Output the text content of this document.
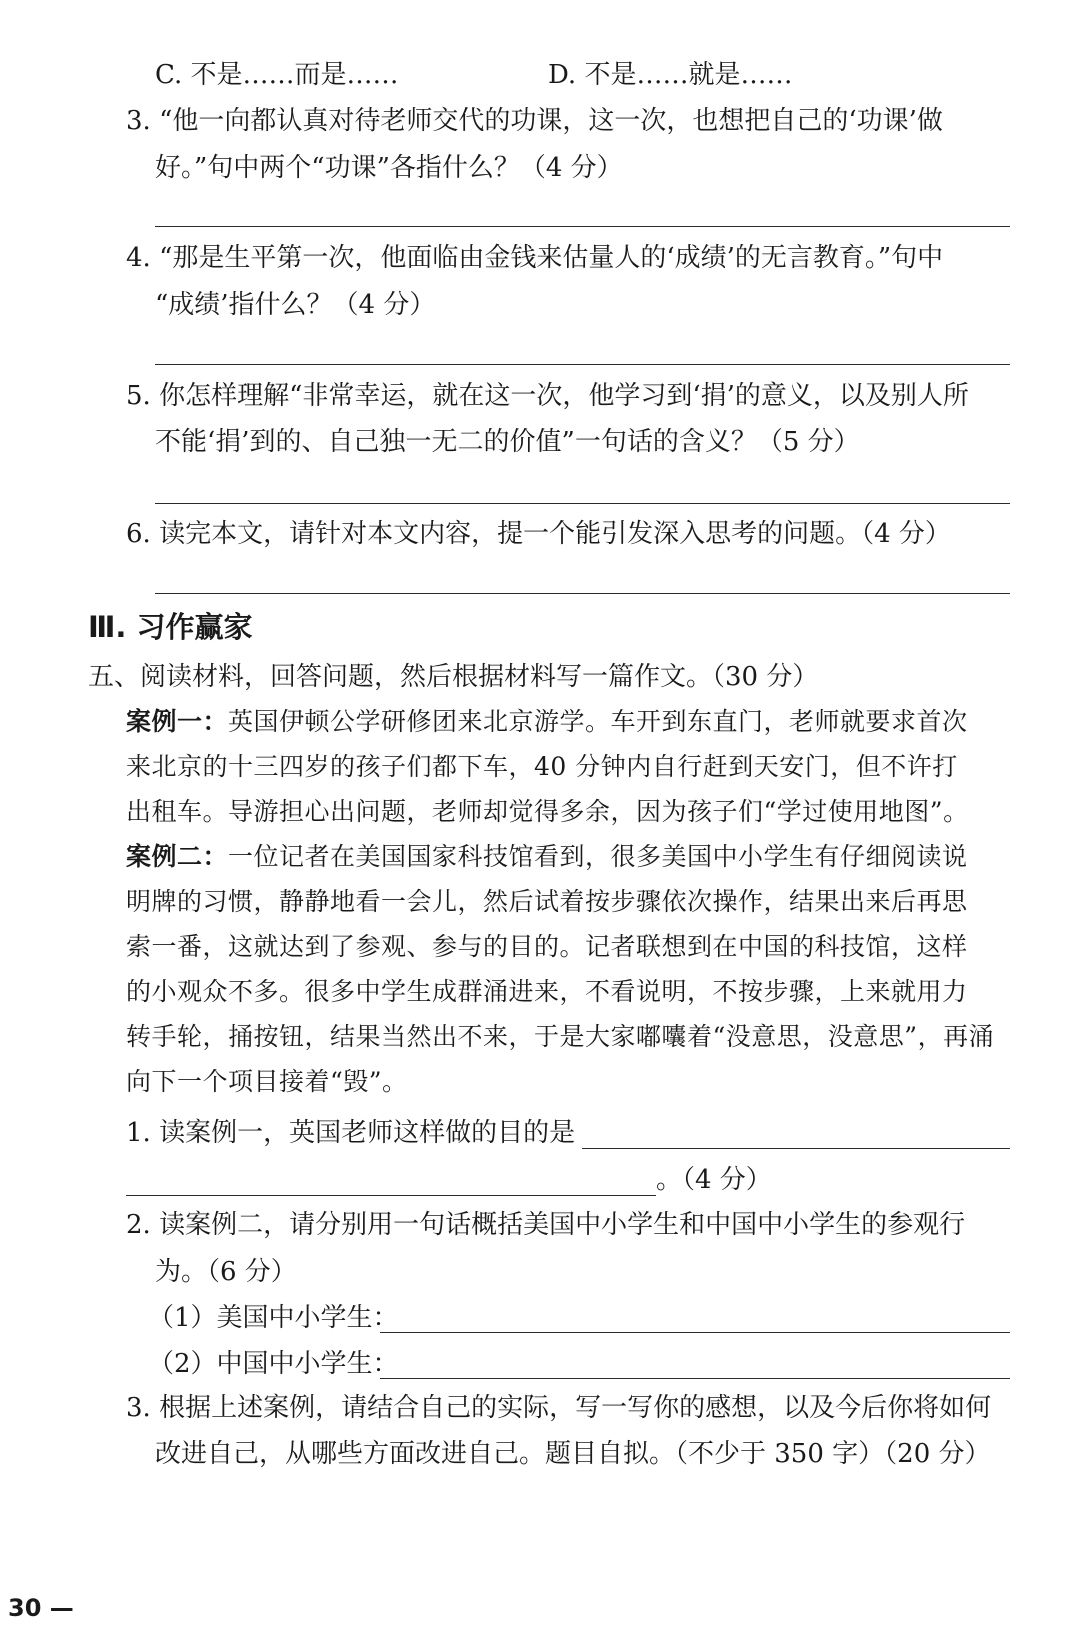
C. 不是……而是……	D. 不是……就是……
3. “他一向都认真对待老师交代的功课，这一次，也想把自己的‘功课’做
好。”句中两个“功课”各指什么？（4 分）
4. “那是生平第一次，他面临由金钱来估量人的‘成绩’的无言教育。”句中
“成绩’指什么？（4 分）
5. 你怎样理解“非常幸运，就在这一次，他学习到‘捐’的意义，以及别人所
不能‘捐’到的、自己独一无二的价值”一句话的含义？（5 分）
6. 读完本文，请针对本文内容，提一个能引发深入思考的问题。（4 分）
Ⅲ. 习作赢家
五、阅读材料，回答问题，然后根据材料写一篇作文。（30 分）
案例一：英国伊顿公学研修团来北京游学。车开到东直门，老师就要求首次
来北京的十三四岁的孩子们都下车，40 分钟内自行赶到天安门，但不许打
出租车。导游担心出问题，老师却觉得多余，因为孩子们“学过使用地图”。
案例二：一位记者在美国国家科技馆看到，很多美国中小学生有仔细阅读说
明牌的习惯，静静地看一会儿，然后试着按步骤依次操作，结果出来后再思
索一番，这就达到了参观、参与的目的。记者联想到在中国的科技馆，这样
的小观众不多。很多中学生成群涌进来，不看说明，不按步骤，上来就用力
转手轮，捅按钮，结果当然出不来，于是大家嘟囔着“没意思，没意思”，再涌
向下一个项目接着“毁”。
1. 读案例一，英国老师这样做的目的是
。（4 分）
2. 读案例二，请分别用一句话概括美国中小学生和中国中小学生的参观行
为。（6 分）
（1）美国中小学生：
（2）中国中小学生：
3. 根据上述案例，请结合自己的实际，写一写你的感想，以及今后你将如何
改进自己，从哪些方面改进自己。题目自拟。（不少于 350 字）（20 分）
30 —
